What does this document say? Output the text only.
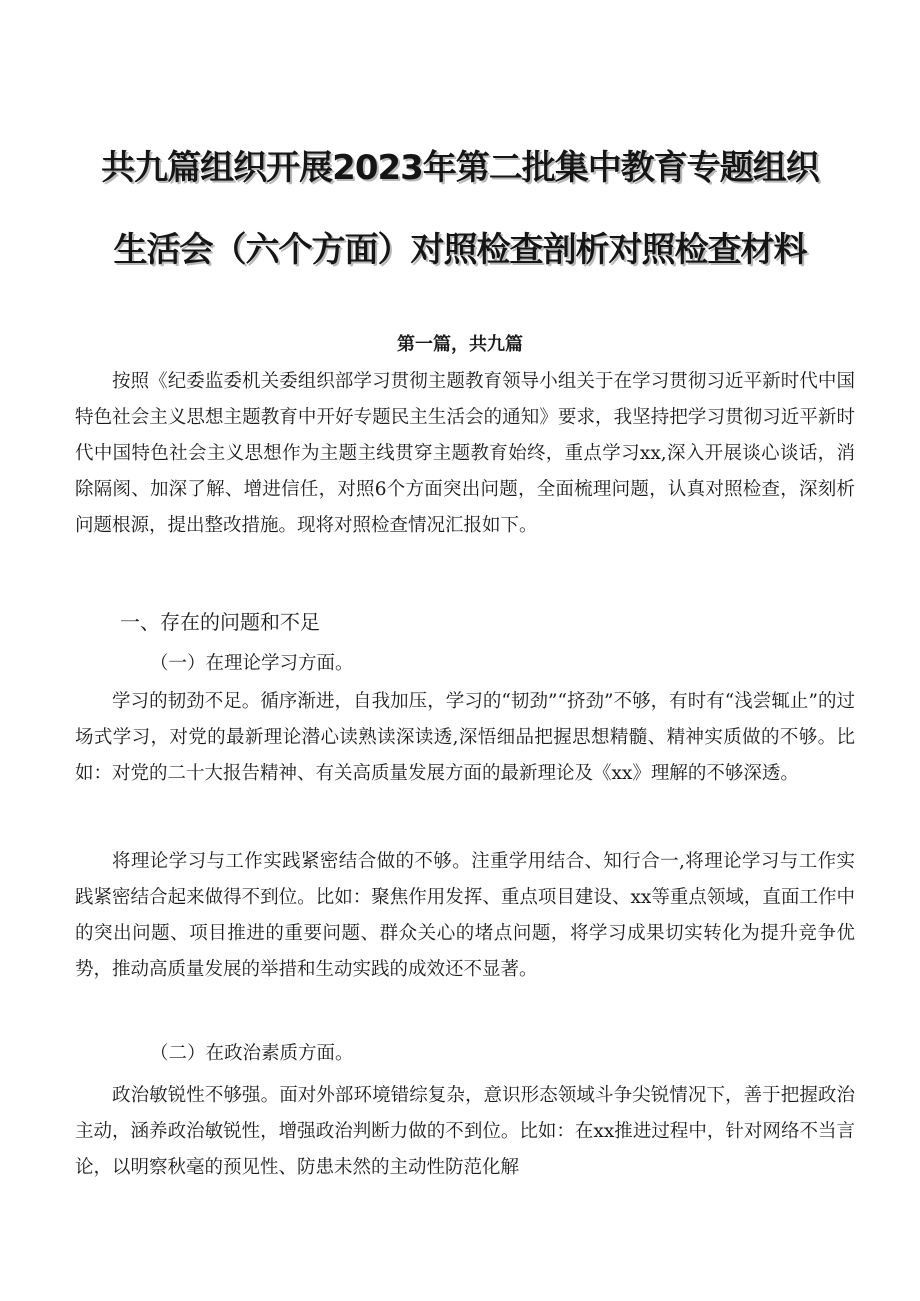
共九篇组织开展2023年第二批集中教育专题组织
生活会（六个方面）对照检查剖析对照检查材料
第一篇，共九篇

按照《纪委监委机关委组织部学习贯彻主题教育领导小组关于在学习贯彻习近平新时代中国特色社会主义思想主题教育中开好专题民主生活会的通知》要求，我坚持把学习贯彻习近平新时代中国特色社会主义思想作为主题主线贯穿主题教育始终，重点学习xx,深入开展谈心谈话，消除隔阂、加深了解、增进信任，对照6个方面突出问题，全面梳理问题，认真对照检查，深刻析问题根源，提出整改措施。现将对照检查情况汇报如下。

一、存在的问题和不足
（一）在理论学习方面。

学习的韧劲不足。循序渐进，自我加压，学习的“韧劲”“挤劲”不够，有时有“浅尝辄止”的过场式学习，对党的最新理论潜心读熟读深读透,深悟细品把握思想精髓、精神实质做的不够。比如：对党的二十大报告精神、有关高质量发展方面的最新理论及《xx》理解的不够深透。

将理论学习与工作实践紧密结合做的不够。注重学用结合、知行合一,将理论学习与工作实践紧密结合起来做得不到位。比如：聚焦作用发挥、重点项目建设、xx等重点领域，直面工作中的突出问题、项目推进的重要问题、群众关心的堵点问题，将学习成果切实转化为提升竞争优势，推动高质量发展的举措和生动实践的成效还不显著。

（二）在政治素质方面。

政治敏锐性不够强。面对外部环境错综复杂，意识形态领域斗争尖锐情况下，善于把握政治主动，涵养政治敏锐性，增强政治判断力做的不到位。比如：在xx推进过程中，针对网络不当言论，以明察秋毫的预见性、防患未然的主动性防范化解
